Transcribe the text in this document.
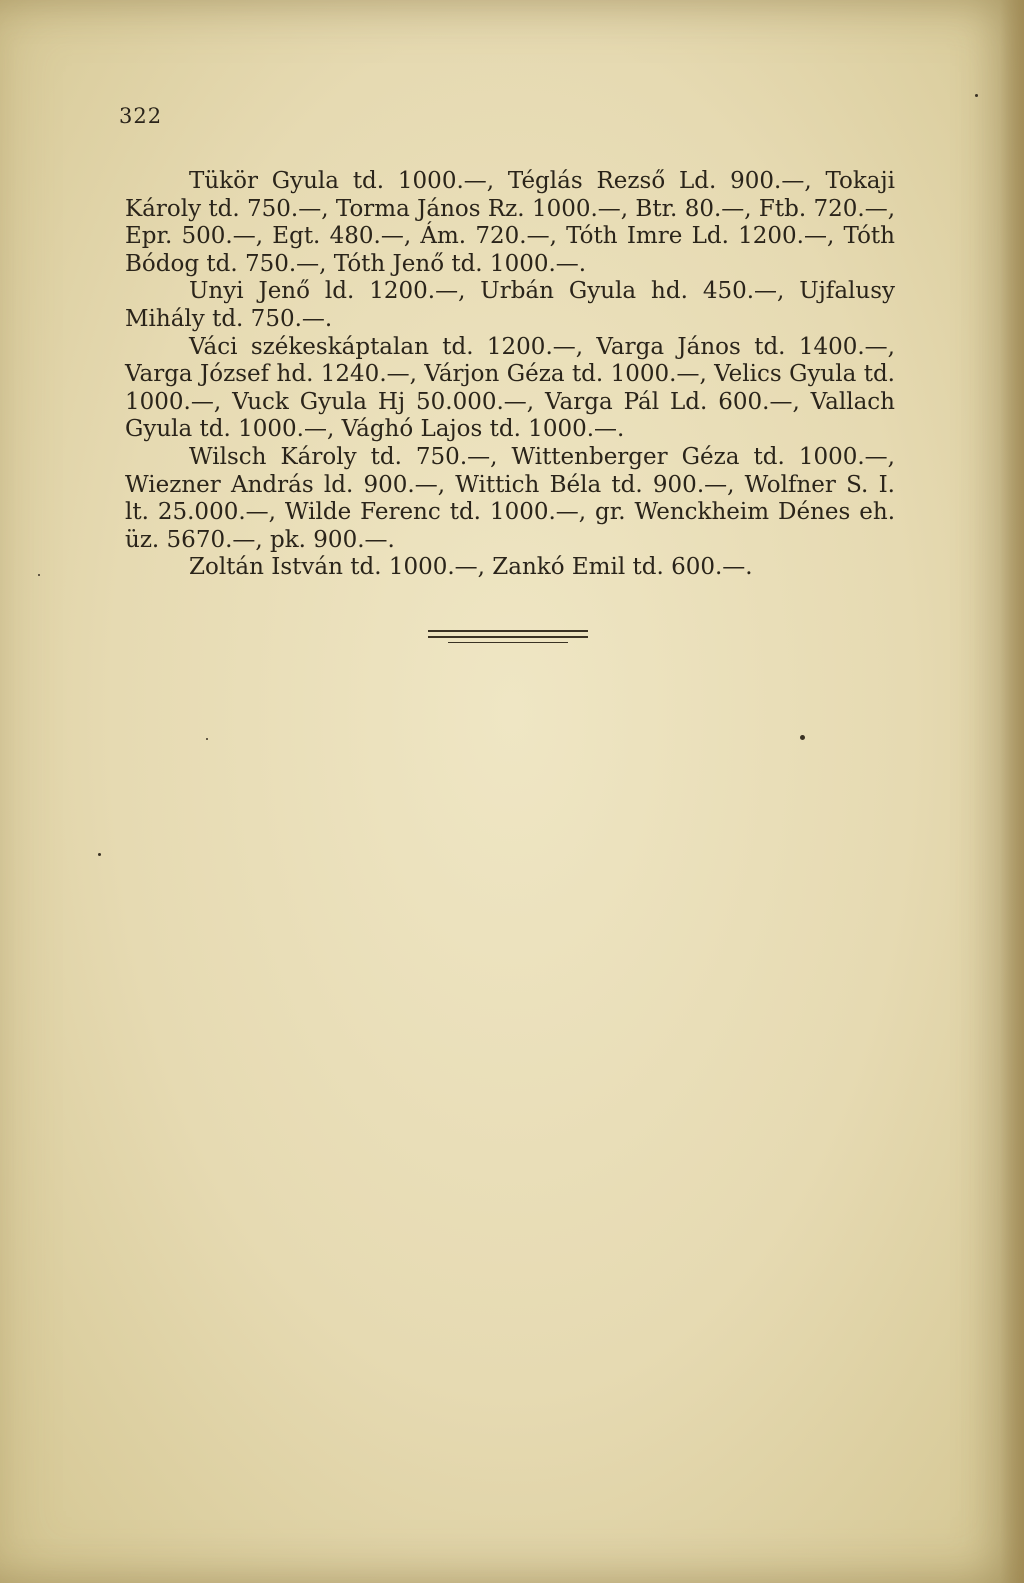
322

Tükör Gyula td. 1000.—, Téglás Rezső Ld. 900.—, Tokaji Károly td. 750.—, Torma János Rz. 1000.—, Btr. 80.—, Ftb. 720.—, Epr. 500.—, Egt. 480.—, Ám. 720.—, Tóth Imre Ld. 1200.—, Tóth Bódog td. 750.—, Tóth Jenő td. 1000.—.

Unyi Jenő ld. 1200.—, Urbán Gyula hd. 450.—, Ujfalusy Mihály td. 750.—.

Váci székeskáptalan td. 1200.—, Varga János td. 1400.—, Varga József hd. 1240.—, Várjon Géza td. 1000.—, Velics Gyula td. 1000.—, Vuck Gyula Hj 50.000.—, Varga Pál Ld. 600.—, Vallach Gyula td. 1000.—, Vághó Lajos td. 1000.—.

Wilsch Károly td. 750.—, Wittenberger Géza td. 1000.—, Wiezner András ld. 900.—, Wittich Béla td. 900.—, Wolfner S. I. lt. 25.000.—, Wilde Ferenc td. 1000.—, gr. Wenckheim Dénes eh. üz. 5670.—, pk. 900.—.

Zoltán István td. 1000.—, Zankó Emil td. 600.—.
